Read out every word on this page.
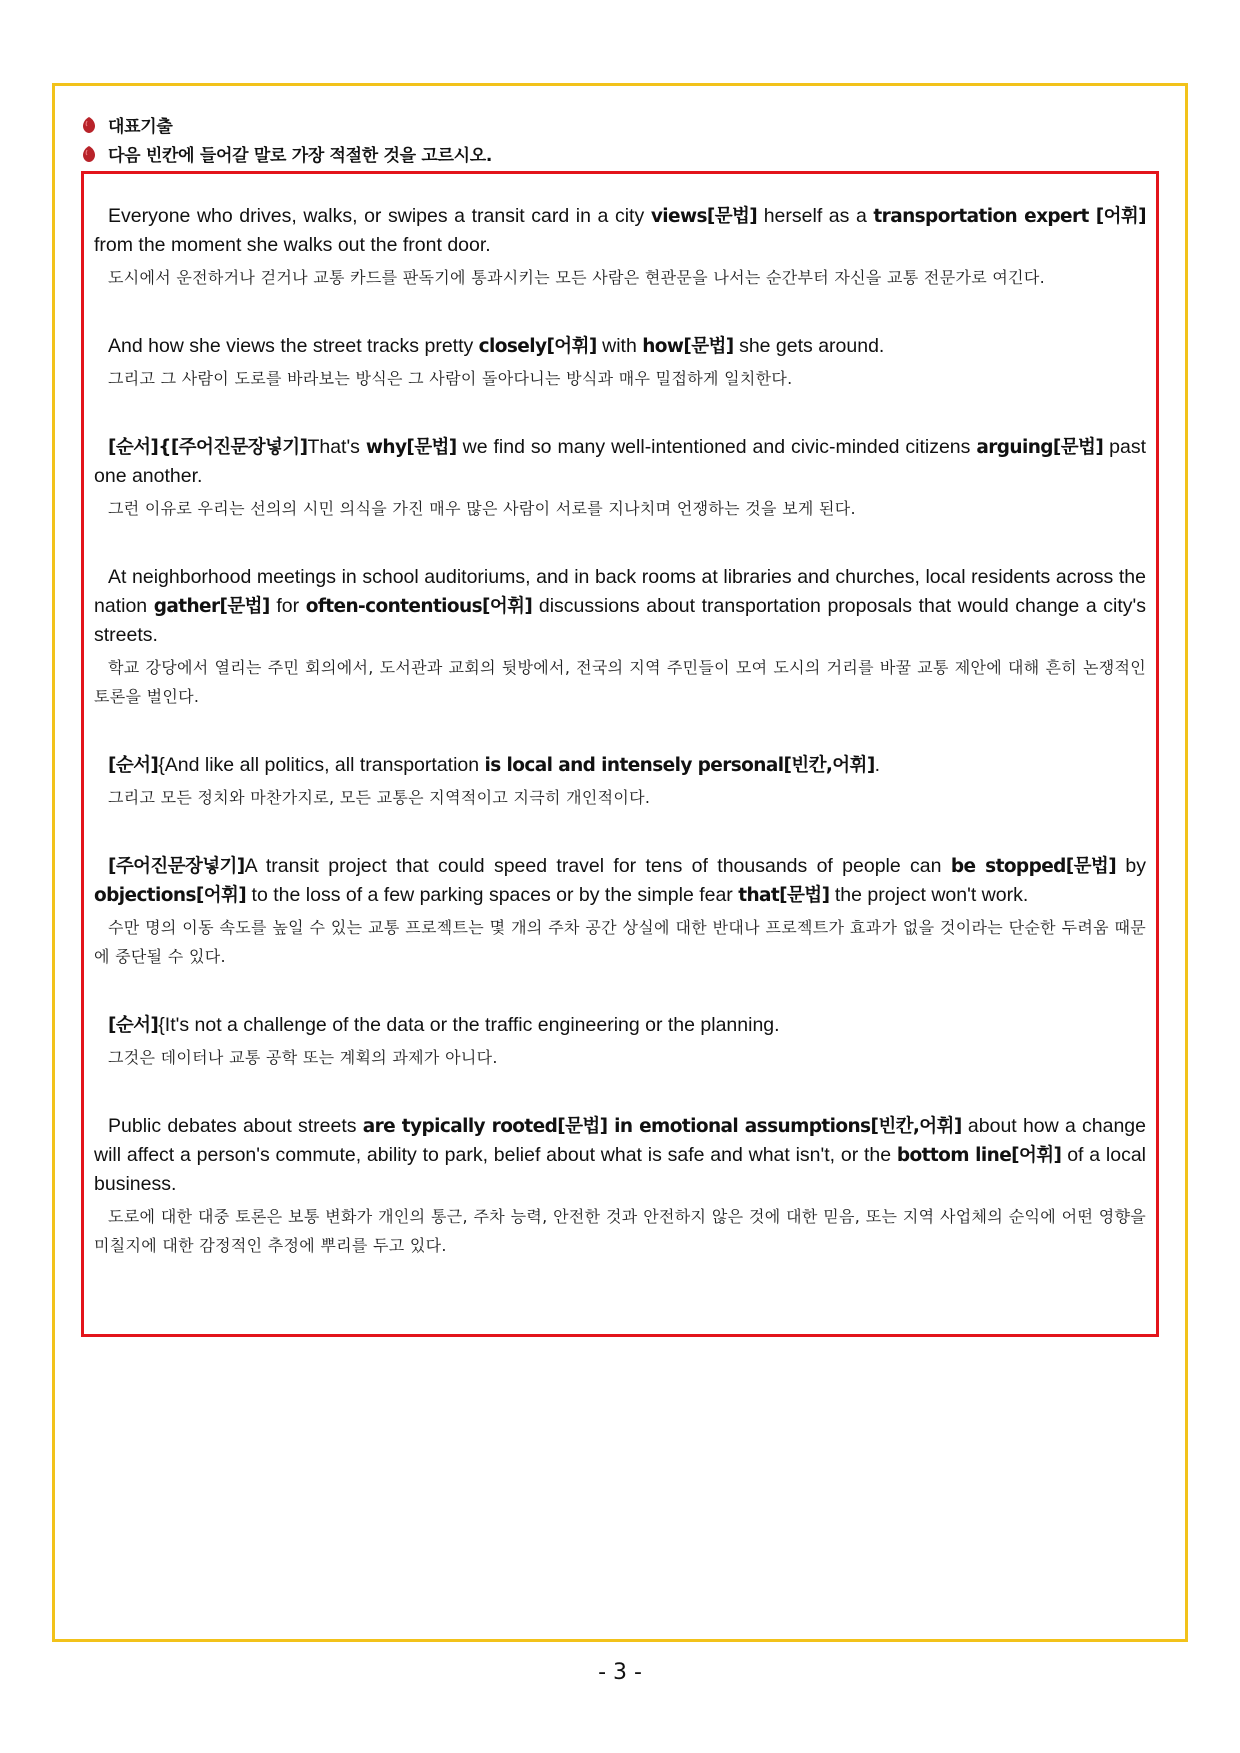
대표기출
다음 빈칸에 들어갈 말로 가장 적절한 것을 고르시오.

Everyone who drives, walks, or swipes a transit card in a city views[문법] herself as a transportation expert [어휘] from the moment she walks out the front door.

도시에서 운전하거나 걷거나 교통 카드를 판독기에 통과시키는 모든 사람은 현관문을 나서는 순간부터 자신을 교통 전문가로 여긴다.

And how she views the street tracks pretty closely[어휘] with how[문법] she gets around.

그리고 그 사람이 도로를 바라보는 방식은 그 사람이 돌아다니는 방식과 매우 밀접하게 일치한다.

[순서]{[주어진문장넣기]That's why[문법] we find so many well-intentioned and civic-minded citizens arguing[문법] past one another.

그런 이유로 우리는 선의의 시민 의식을 가진 매우 많은 사람이 서로를 지나치며 언쟁하는 것을 보게 된다.

At neighborhood meetings in school auditoriums, and in back rooms at libraries and churches, local residents across the nation gather[문법] for often-contentious[어휘] discussions about transportation proposals that would change a city's streets.

학교 강당에서 열리는 주민 회의에서, 도서관과 교회의 뒷방에서, 전국의 지역 주민들이 모여 도시의 거리를 바꿀 교통 제안에 대해 흔히 논쟁적인 토론을 벌인다.

[순서]{And like all politics, all transportation is local and intensely personal[빈칸,어휘].

그리고 모든 정치와 마찬가지로, 모든 교통은 지역적이고 지극히 개인적이다.

[주어진문장넣기]A transit project that could speed travel for tens of thousands of people can be stopped[문법] by objections[어휘] to the loss of a few parking spaces or by the simple fear that[문법] the project won't work.

수만 명의 이동 속도를 높일 수 있는 교통 프로젝트는 몇 개의 주차 공간 상실에 대한 반대나 프로젝트가 효과가 없을 것이라는 단순한 두려움 때문에 중단될 수 있다.

[순서]{It's not a challenge of the data or the traffic engineering or the planning.

그것은 데이터나 교통 공학 또는 계획의 과제가 아니다.

Public debates about streets are typically rooted[문법] in emotional assumptions[빈칸,어휘] about how a change will affect a person's commute, ability to park, belief about what is safe and what isn't, or the bottom line[어휘] of a local business.

도로에 대한 대중 토론은 보통 변화가 개인의 통근, 주차 능력, 안전한 것과 안전하지 않은 것에 대한 믿음, 또는 지역 사업체의 순익에 어떤 영향을 미칠지에 대한 감정적인 추정에 뿌리를 두고 있다.

- 3 -
